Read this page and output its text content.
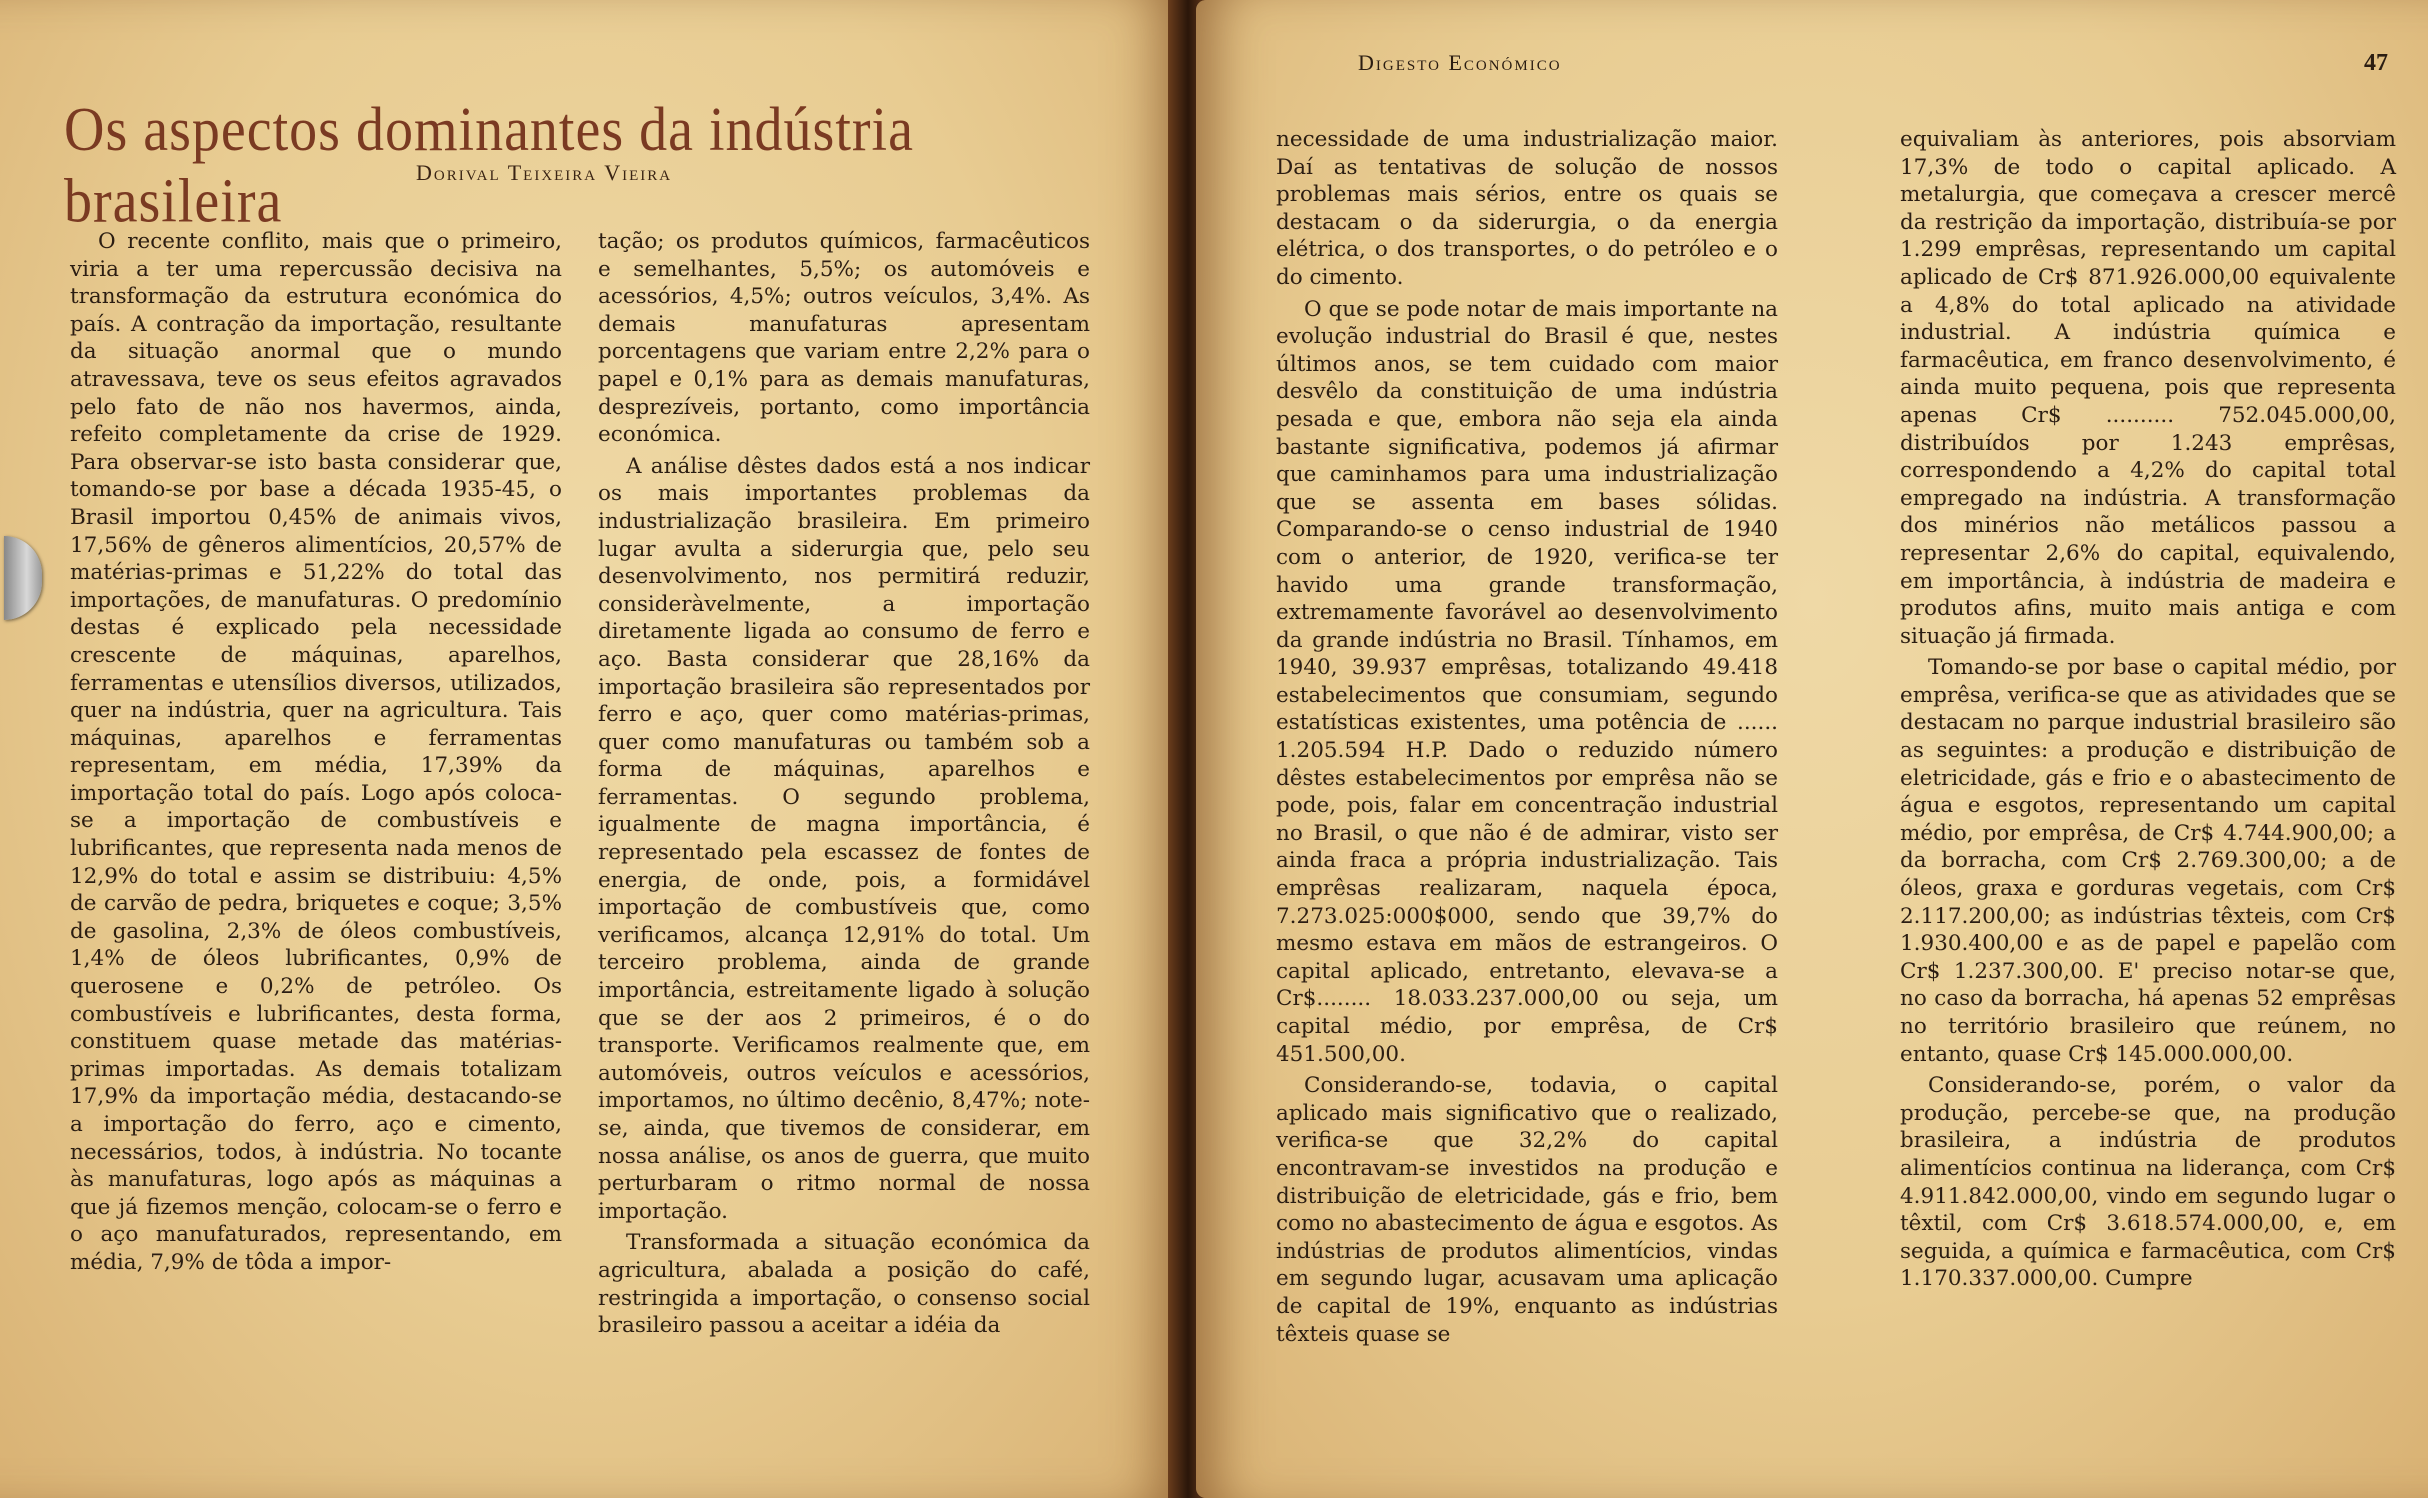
Os aspectos dominantes da indústria brasileira	Dorival Teixeira Vieira

O recente conflito, mais que o primeiro, viria a ter uma repercussão decisiva na transformação da estrutura económica do país. A contração da importação, resultante da situação anormal que o mundo atravessava, teve os seus efeitos agravados pelo fato de não nos havermos, ainda, refeito completamente da crise de 1929. Para observar-se isto basta considerar que, tomando-se por base a década 1935-45, o Brasil importou 0,45% de animais vivos, 17,56% de gêneros alimentícios, 20,57% de matérias-primas e 51,22% do total das importações, de manufaturas. O predomínio destas é explicado pela necessidade crescente de máquinas, aparelhos, ferramentas e utensílios diversos, utilizados, quer na indústria, quer na agricultura. Tais máquinas, aparelhos e ferramentas representam, em média, 17,39% da importação total do país. Logo após coloca-se a importação de combustíveis e lubrificantes, que representa nada menos de 12,9% do total e assim se distribuiu: 4,5% de carvão de pedra, briquetes e coque; 3,5% de gasolina, 2,3% de óleos combustíveis, 1,4% de óleos lubrificantes, 0,9% de querosene e 0,2% de petróleo. Os combustíveis e lubrificantes, desta forma, constituem quase metade das matérias-primas importadas. As demais totalizam 17,9% da importação média, destacando-se a importação do ferro, aço e cimento, necessários, todos, à indústria. No tocante às manufaturas, logo após as máquinas a que já fizemos menção, colocam-se o ferro e o aço manufaturados, representando, em média, 7,9% de tôda a impor-

tação; os produtos químicos, farmacêuticos e semelhantes, 5,5%; os automóveis e acessórios, 4,5%; outros veículos, 3,4%. As demais manufaturas apresentam porcentagens que variam entre 2,2% para o papel e 0,1% para as demais manufaturas, desprezíveis, portanto, como importância económica.

A análise dêstes dados está a nos indicar os mais importantes problemas da industrialização brasileira. Em primeiro lugar avulta a siderurgia que, pelo seu desenvolvimento, nos permitirá reduzir, consideràvelmente, a importação diretamente ligada ao consumo de ferro e aço. Basta considerar que 28,16% da importação brasileira são representados por ferro e aço, quer como matérias-primas, quer como manufaturas ou também sob a forma de máquinas, aparelhos e ferramentas. O segundo problema, igualmente de magna importância, é representado pela escassez de fontes de energia, de onde, pois, a formidável importação de combustíveis que, como verificamos, alcança 12,91% do total. Um terceiro problema, ainda de grande importância, estreitamente ligado à solução que se der aos 2 primeiros, é o do transporte. Verificamos realmente que, em automóveis, outros veículos e acessórios, importamos, no último decênio, 8,47%; note-se, ainda, que tivemos de considerar, em nossa análise, os anos de guerra, que muito perturbaram o ritmo normal de nossa importação.

Transformada a situação económica da agricultura, abalada a posição do café, restringida a importação, o consenso social brasileiro passou a aceitar a idéia da

Digesto Económico	47

necessidade de uma industrialização maior. Daí as tentativas de solução de nossos problemas mais sérios, entre os quais se destacam o da siderurgia, o da energia elétrica, o dos transportes, o do petróleo e o do cimento.

O que se pode notar de mais importante na evolução industrial do Brasil é que, nestes últimos anos, se tem cuidado com maior desvêlo da constituição de uma indústria pesada e que, embora não seja ela ainda bastante significativa, podemos já afirmar que caminhamos para uma industrialização que se assenta em bases sólidas. Comparando-se o censo industrial de 1940 com o anterior, de 1920, verifica-se ter havido uma grande transformação, extremamente favorável ao desenvolvimento da grande indústria no Brasil. Tínhamos, em 1940, 39.937 emprêsas, totalizando 49.418 estabelecimentos que consumiam, segundo estatísticas existentes, uma potência de ...... 1.205.594 H.P. Dado o reduzido número dêstes estabelecimentos por emprêsa não se pode, pois, falar em concentração industrial no Brasil, o que não é de admirar, visto ser ainda fraca a própria industrialização. Tais emprêsas realizaram, naquela época, 7.273.025:000$000, sendo que 39,7% do mesmo estava em mãos de estrangeiros. O capital aplicado, entretanto, elevava-se a Cr$........ 18.033.237.000,00 ou seja, um capital médio, por emprêsa, de Cr$ 451.500,00.

Considerando-se, todavia, o capital aplicado mais significativo que o realizado, verifica-se que 32,2% do capital encontravam-se investidos na produção e distribuição de eletricidade, gás e frio, bem como no abastecimento de água e esgotos. As indústrias de produtos alimentícios, vindas em segundo lugar, acusavam uma aplicação de capital de 19%, enquanto as indústrias têxteis quase se

equivaliam às anteriores, pois absorviam 17,3% de todo o capital aplicado. A metalurgia, que começava a crescer mercê da restrição da importação, distribuía-se por 1.299 emprêsas, representando um capital aplicado de Cr$ 871.926.000,00 equivalente a 4,8% do total aplicado na atividade industrial. A indústria química e farmacêutica, em franco desenvolvimento, é ainda muito pequena, pois que representa apenas Cr$ .......... 752.045.000,00, distribuídos por 1.243 emprêsas, correspondendo a 4,2% do capital total empregado na indústria. A transformação dos minérios não metálicos passou a representar 2,6% do capital, equivalendo, em importância, à indústria de madeira e produtos afins, muito mais antiga e com situação já firmada.

Tomando-se por base o capital médio, por emprêsa, verifica-se que as atividades que se destacam no parque industrial brasileiro são as seguintes: a produção e distribuição de eletricidade, gás e frio e o abastecimento de água e esgotos, representando um capital médio, por emprêsa, de Cr$ 4.744.900,00; a da borracha, com Cr$ 2.769.300,00; a de óleos, graxa e gorduras vegetais, com Cr$ 2.117.200,00; as indústrias têxteis, com Cr$ 1.930.400,00 e as de papel e papelão com Cr$ 1.237.300,00. E' preciso notar-se que, no caso da borracha, há apenas 52 emprêsas no território brasileiro que reúnem, no entanto, quase Cr$ 145.000.000,00.

Considerando-se, porém, o valor da produção, percebe-se que, na produção brasileira, a indústria de produtos alimentícios continua na liderança, com Cr$ 4.911.842.000,00, vindo em segundo lugar o têxtil, com Cr$ 3.618.574.000,00, e, em seguida, a química e farmacêutica, com Cr$ 1.170.337.000,00. Cumpre
